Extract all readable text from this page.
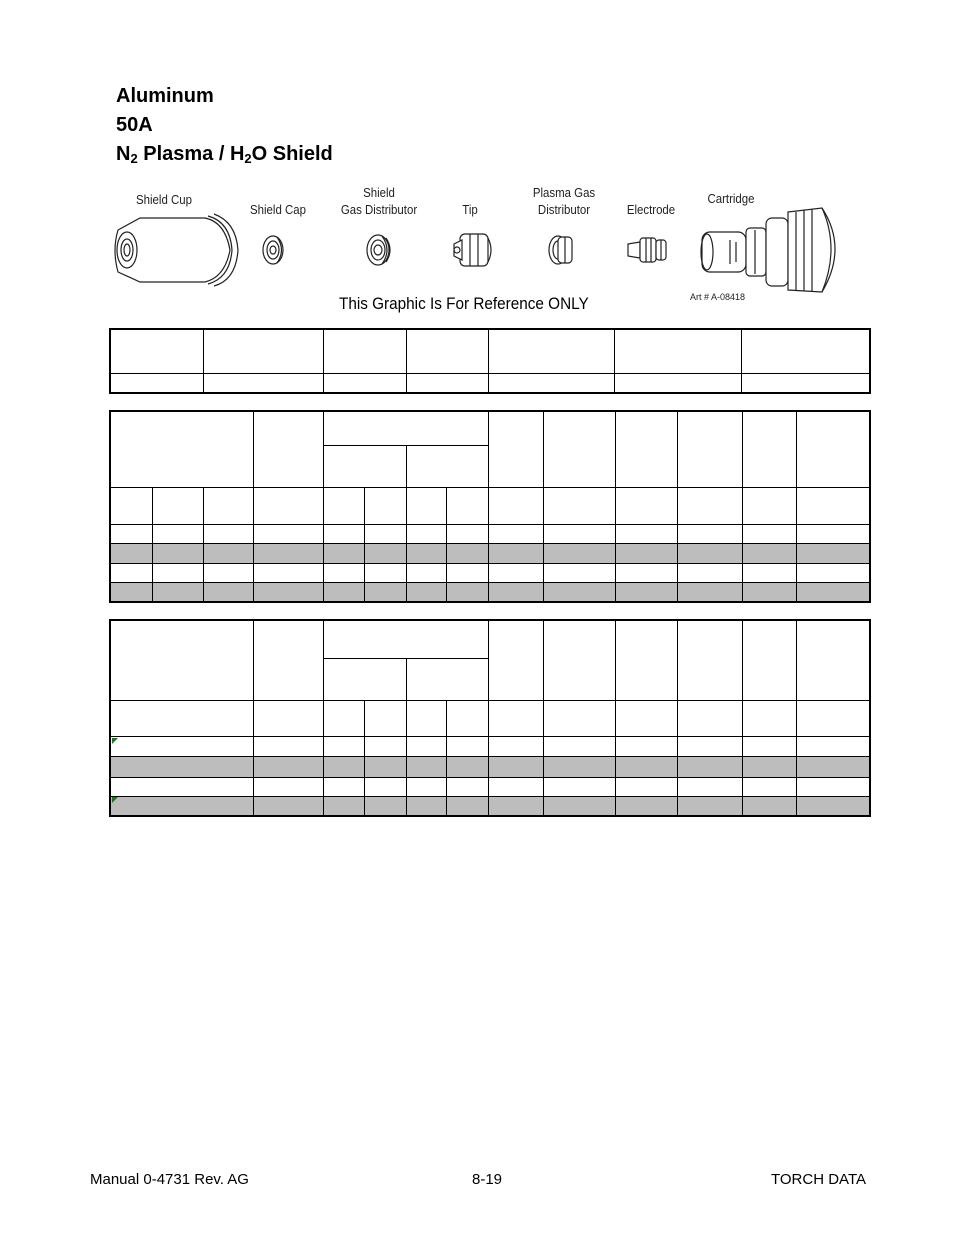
Aluminum
50A
$N_2$ Plasma / $H_2O$ Shield
Shield Cup
Shield Cap
Shield
Gas Distributor	Tip
Plasma Gas
Distributor	Electrode
Cartridge
This Graphic Is For Reference ONLY	Art # A-08418

Manual 0-4731 Rev. AG	8-19	TORCH DATA
